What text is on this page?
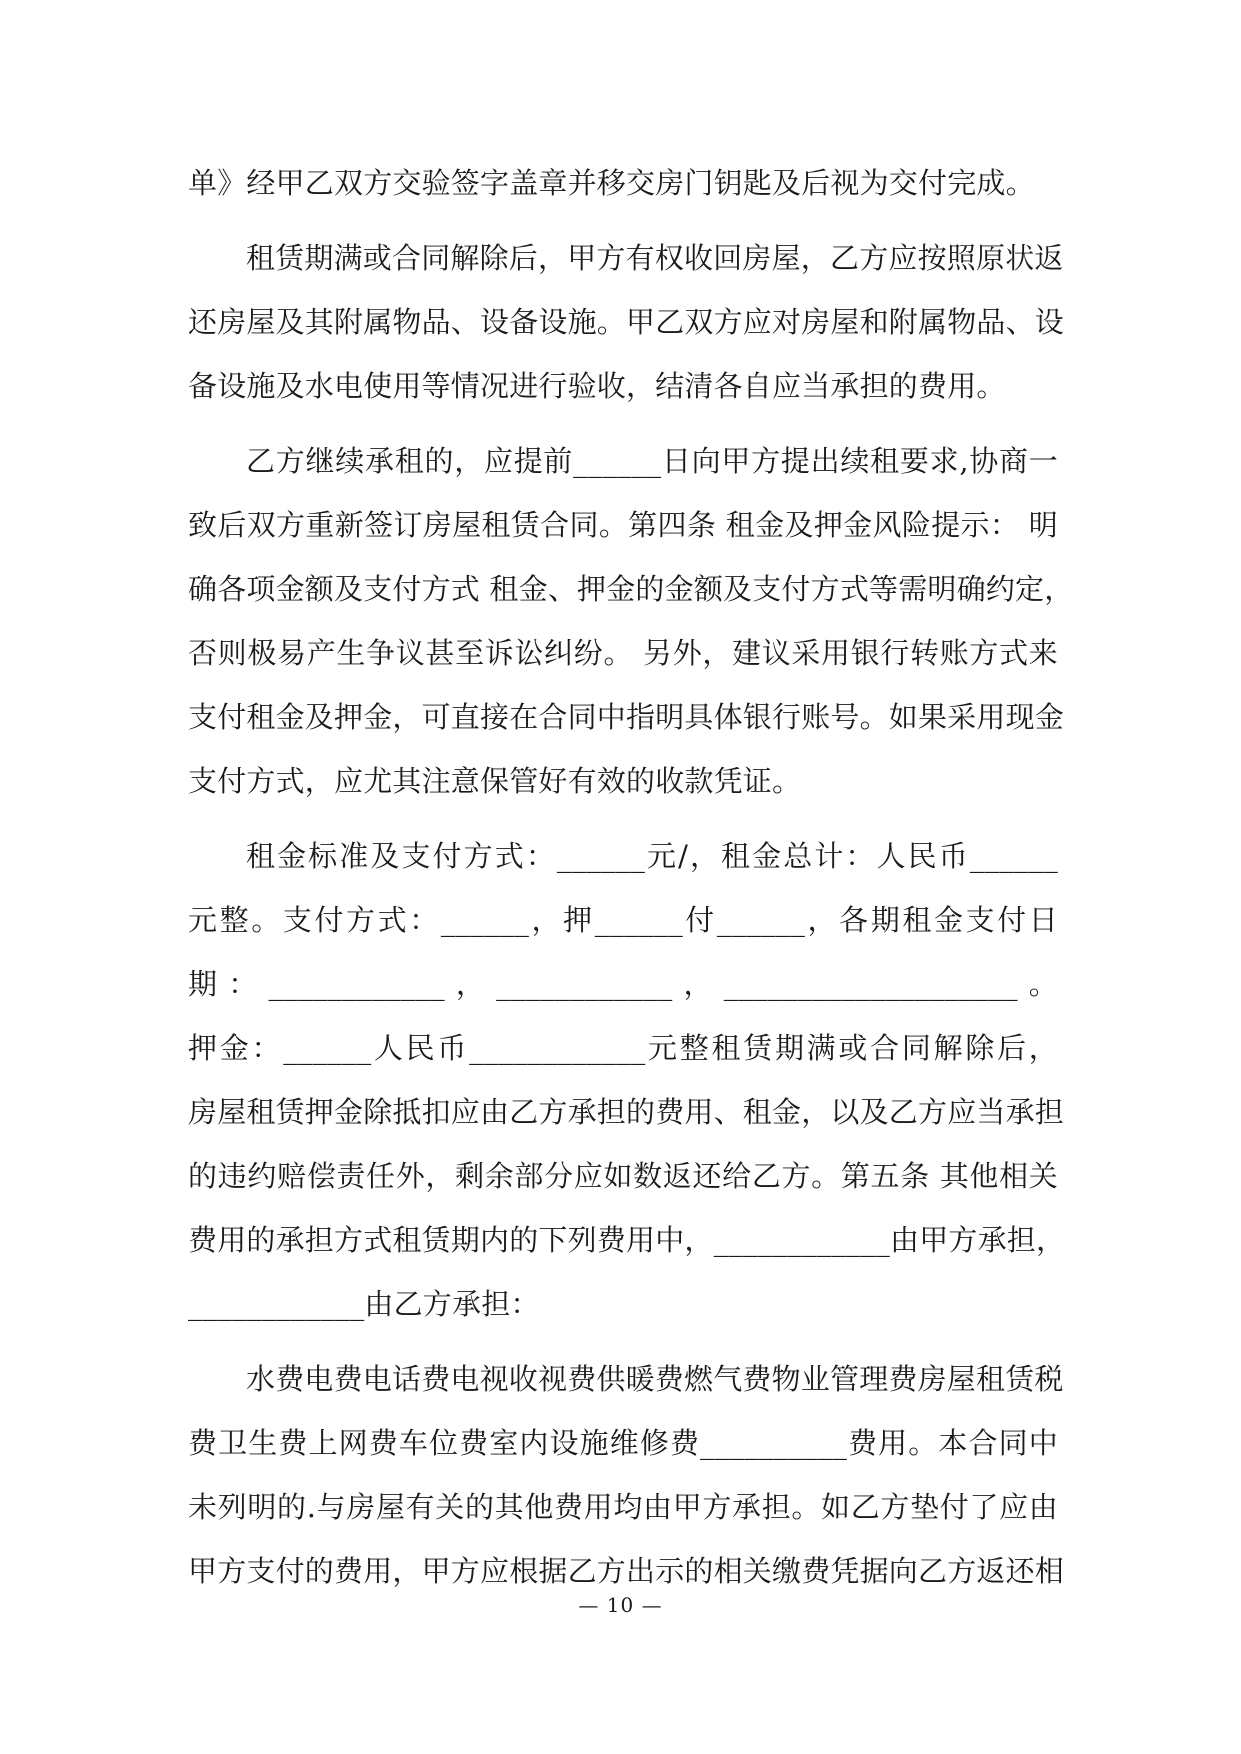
单》经甲乙双方交验签字盖章并移交房门钥匙及后视为交付完成。
租赁期满或合同解除后，甲方有权收回房屋，乙方应按照原状返
还房屋及其附属物品、设备设施。甲乙双方应对房屋和附属物品、设
备设施及水电使用等情况进行验收，结清各自应当承担的费用。
乙方继续承租的，应提前______日向甲方提出续租要求,协商一
致后双方重新签订房屋租赁合同。第四条 租金及押金风险提示： 明
确各项金额及支付方式 租金、押金的金额及支付方式等需明确约定，
否则极易产生争议甚至诉讼纠纷。 另外，建议采用银行转账方式来
支付租金及押金，可直接在合同中指明具体银行账号。如果采用现金
支付方式，应尤其注意保管好有效的收款凭证。
租金标准及支付方式：______元/，租金总计：人民币______
元整。支付方式：______，押______付______，各期租金支付日
期：____________，____________，____________________。
押金：______人民币____________元整租赁期满或合同解除后，
房屋租赁押金除抵扣应由乙方承担的费用、租金，以及乙方应当承担
的违约赔偿责任外，剩余部分应如数返还给乙方。第五条 其他相关
费用的承担方式租赁期内的下列费用中，____________由甲方承担，
____________由乙方承担：
水费电费电话费电视收视费供暖费燃气费物业管理费房屋租赁税
费卫生费上网费车位费室内设施维修费__________费用。本合同中
未列明的.与房屋有关的其他费用均由甲方承担。如乙方垫付了应由
甲方支付的费用，甲方应根据乙方出示的相关缴费凭据向乙方返还相
— 10 —
